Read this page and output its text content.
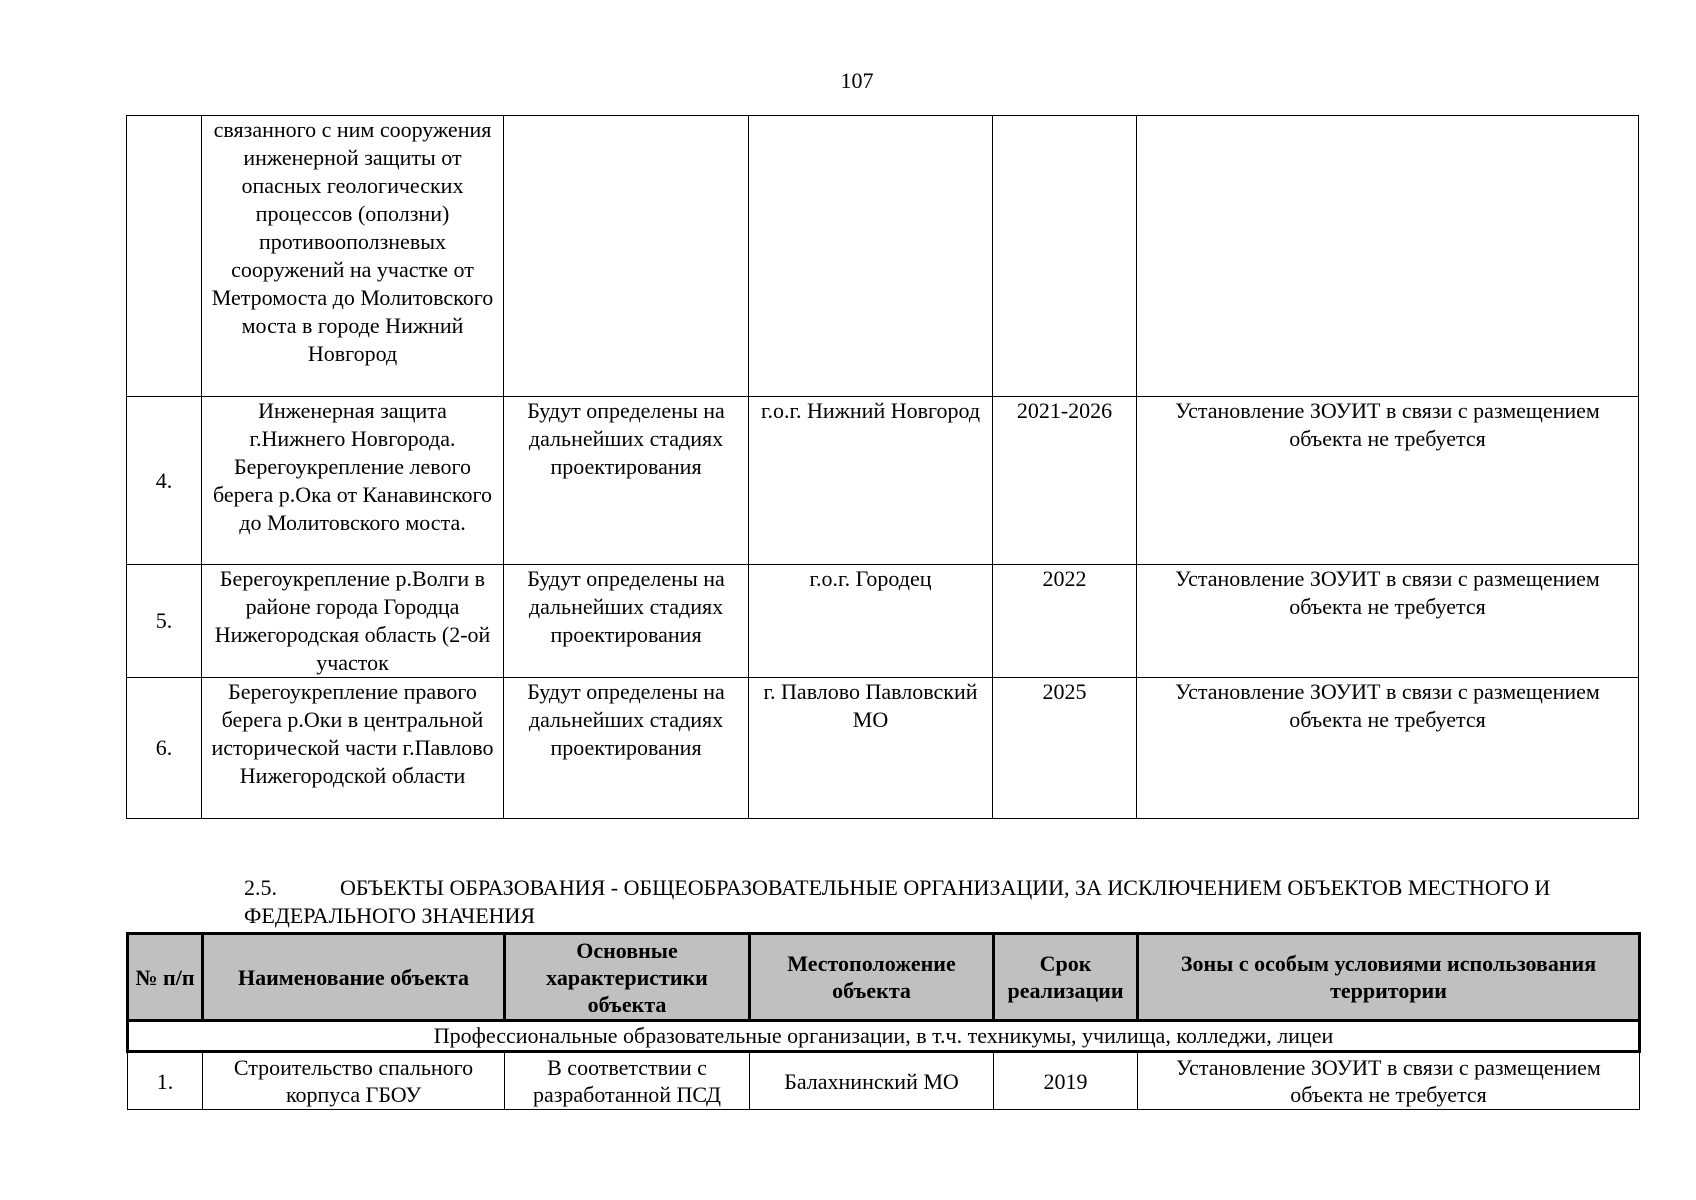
107
	связанного с ним сооружения инженерной защиты от опасных геологических процессов (оползни) противооползневых сооружений на участке от Метромоста до Молитовского моста в городе Нижний Новгород				
4.	Инженерная защита г.Нижнего Новгорода. Берегоукрепление левого берега р.Ока от Канавинского до Молитовского моста.	Будут определены на дальнейших стадиях проектирования	г.о.г. Нижний Новгород	2021-2026	Установление ЗОУИТ в связи с размещением объекта не требуется
5.	Берегоукрепление р.Волги в районе города Городца Нижегородская область (2-ой участок	Будут определены на дальнейших стадиях проектирования	г.о.г. Городец	2022	Установление ЗОУИТ в связи с размещением объекта не требуется
6.	Берегоукрепление правого берега р.Оки в центральной исторической части г.Павлово Нижегородской области	Будут определены на дальнейших стадиях проектирования	г. Павлово Павловский МО	2025	Установление ЗОУИТ в связи с размещением объекта не требуется
2.5.	ОБЪЕКТЫ ОБРАЗОВАНИЯ - ОБЩЕОБРАЗОВАТЕЛЬНЫЕ ОРГАНИЗАЦИИ, ЗА ИСКЛЮЧЕНИЕМ ОБЪЕКТОВ МЕСТНОГО И ФЕДЕРАЛЬНОГО ЗНАЧЕНИЯ
№ п/п	Наименование объекта	Основные характеристики объекта	Местоположение объекта	Срок реализации	Зоны с особым условиями использования территории
Профессиональные образовательные организации, в т.ч. техникумы, училища, колледжи, лицеи					
1.	Строительство спального корпуса ГБОУ	В соответствии с разработанной ПСД	Балахнинский МО	2019	Установление ЗОУИТ в связи с размещением объекта не требуется
